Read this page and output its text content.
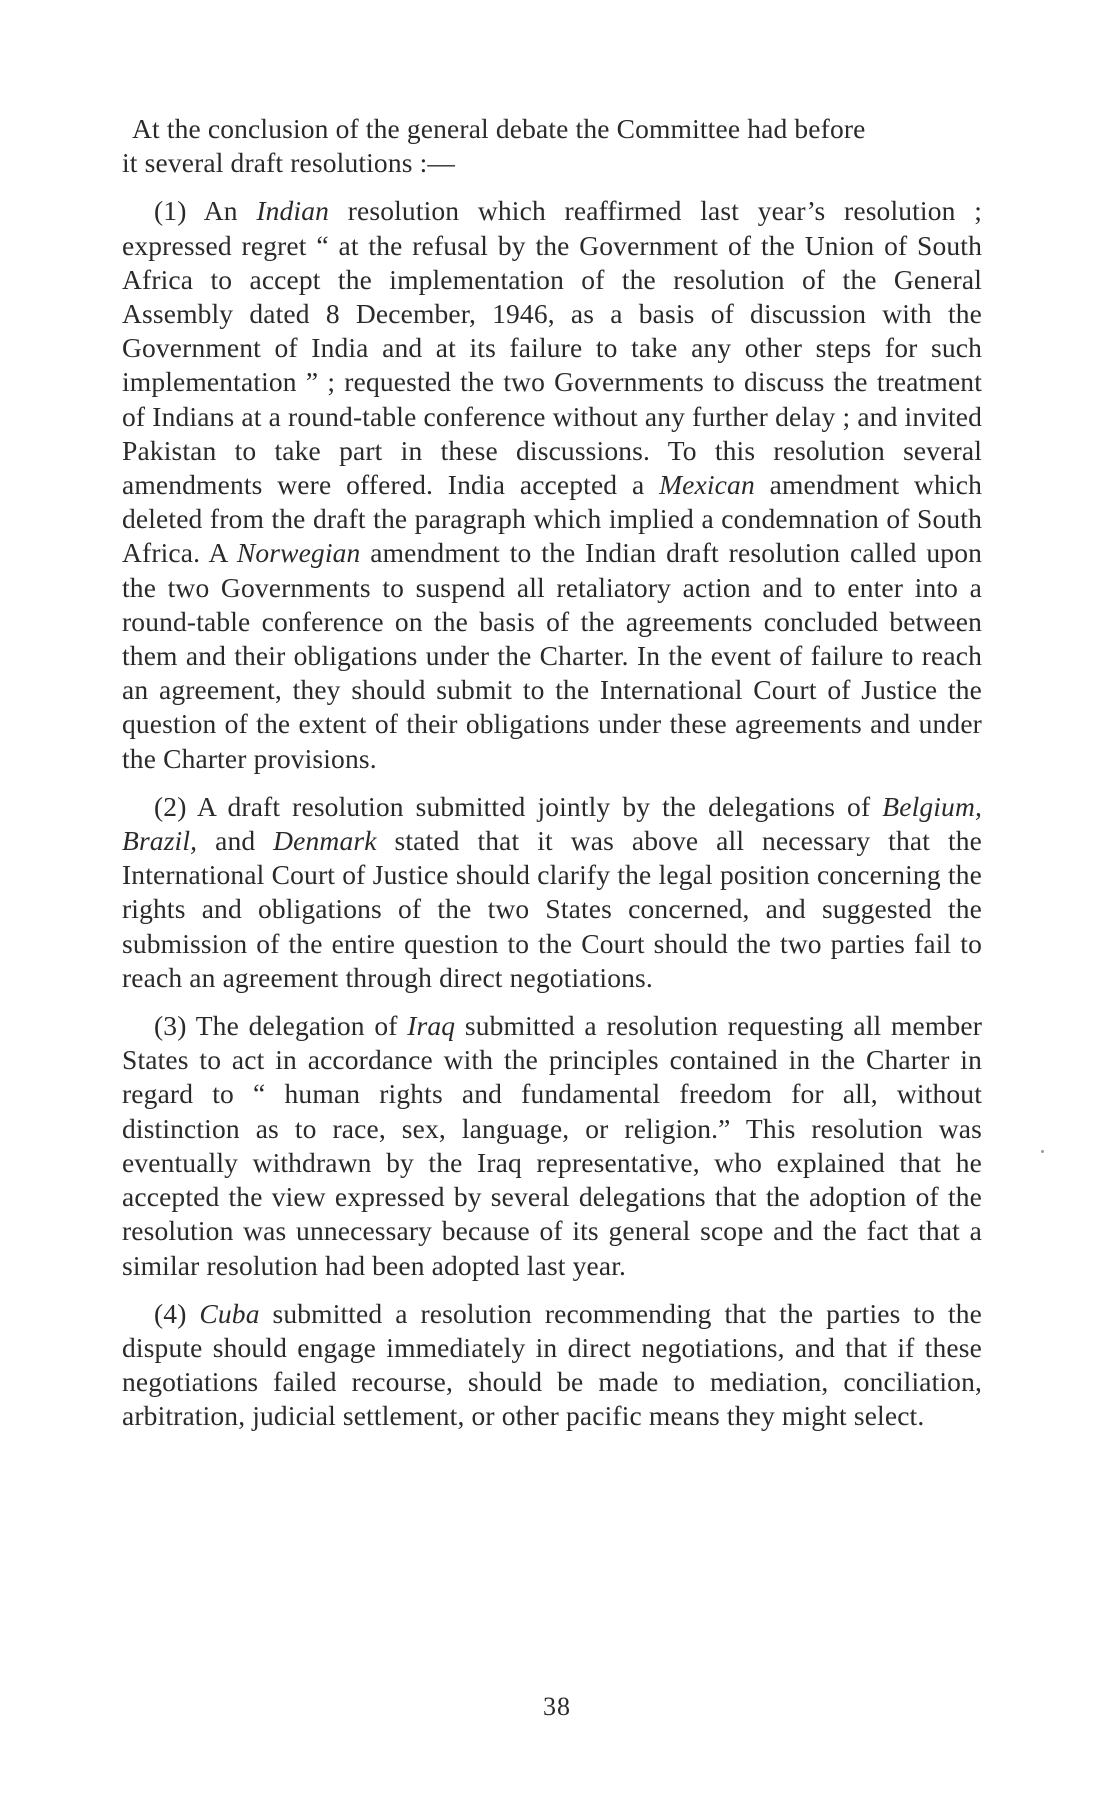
At the conclusion of the general debate the Committee had before

it several draft resolutions :—

(1) An Indian resolution which reaffirmed last year’s resolution ; expressed regret “ at the refusal by the Government of the Union of South Africa to accept the implementation of the resolution of the General Assembly dated 8 December, 1946, as a basis of discussion with the Government of India and at its failure to take any other steps for such implementation ” ; requested the two Governments to discuss the treatment of Indians at a round-table conference without any further delay ; and invited Pakistan to take part in these discussions. To this resolution several amendments were offered. India accepted a Mexican amendment which deleted from the draft the paragraph which implied a condemnation of South Africa. A Norwegian amendment to the Indian draft resolution called upon the two Governments to suspend all retaliatory action and to enter into a round-table conference on the basis of the agreements concluded between them and their obligations under the Charter. In the event of failure to reach an agreement, they should submit to the International Court of Justice the question of the extent of their obligations under these agreements and under the Charter provisions.

(2) A draft resolution submitted jointly by the delegations of Belgium, Brazil, and Denmark stated that it was above all necessary that the International Court of Justice should clarify the legal position concerning the rights and obligations of the two States concerned, and suggested the submission of the entire question to the Court should the two parties fail to reach an agreement through direct negotiations.

(3) The delegation of Iraq submitted a resolution requesting all member States to act in accordance with the principles contained in the Charter in regard to “ human rights and fundamental freedom for all, without distinction as to race, sex, language, or religion.” This resolution was eventually withdrawn by the Iraq representative, who explained that he accepted the view expressed by several delegations that the adoption of the resolution was unnecessary because of its general scope and the fact that a similar resolution had been adopted last year.

(4) Cuba submitted a resolution recommending that the parties to the dispute should engage immediately in direct negotiations, and that if these negotiations failed recourse, should be made to mediation, conciliation, arbitration, judicial settlement, or other pacific means they might select.

38
